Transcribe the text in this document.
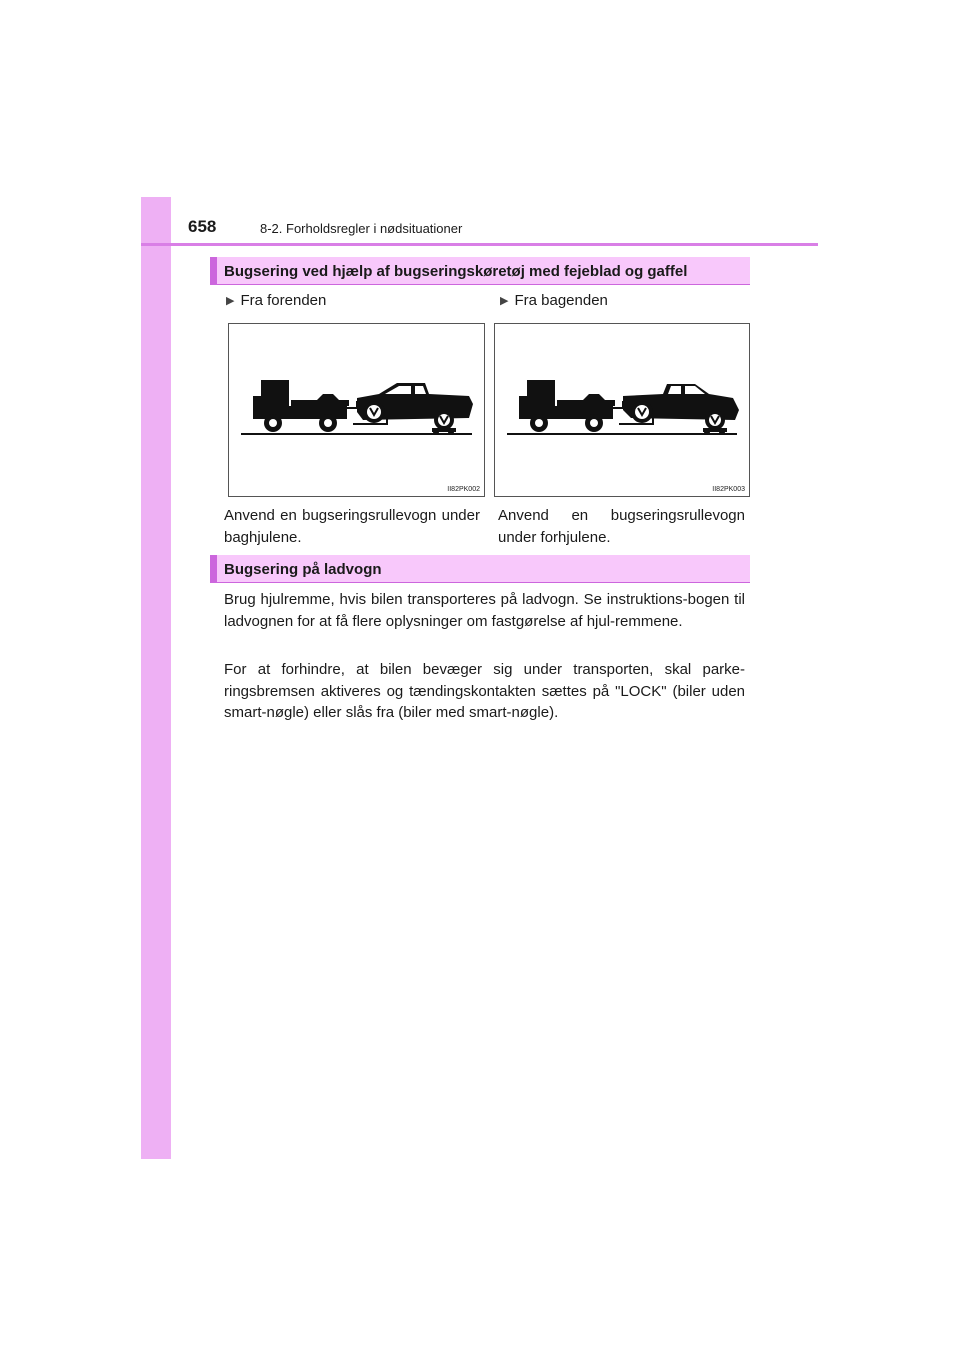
658	8-2. Forholdsregler i nødsituationer
Bugsering ved hjælp af bugseringskøretøj med fejeblad og gaffel
▶ Fra forenden	▶ Fra bagenden
II82PK002	II82PK003
Anvend en bugseringsrullevogn under baghjulene.
Anvend en bugseringsrullevogn under forhjulene.
Bugsering på ladvogn
Brug hjulremme, hvis bilen transporteres på ladvogn. Se instruktions-bogen til ladvognen for at få flere oplysninger om fastgørelse af hjul-remmene.
For at forhindre, at bilen bevæger sig under transporten, skal parke-ringsbremsen aktiveres og tændingskontakten sættes på "LOCK" (biler uden smart-nøgle) eller slås fra (biler med smart-nøgle).
